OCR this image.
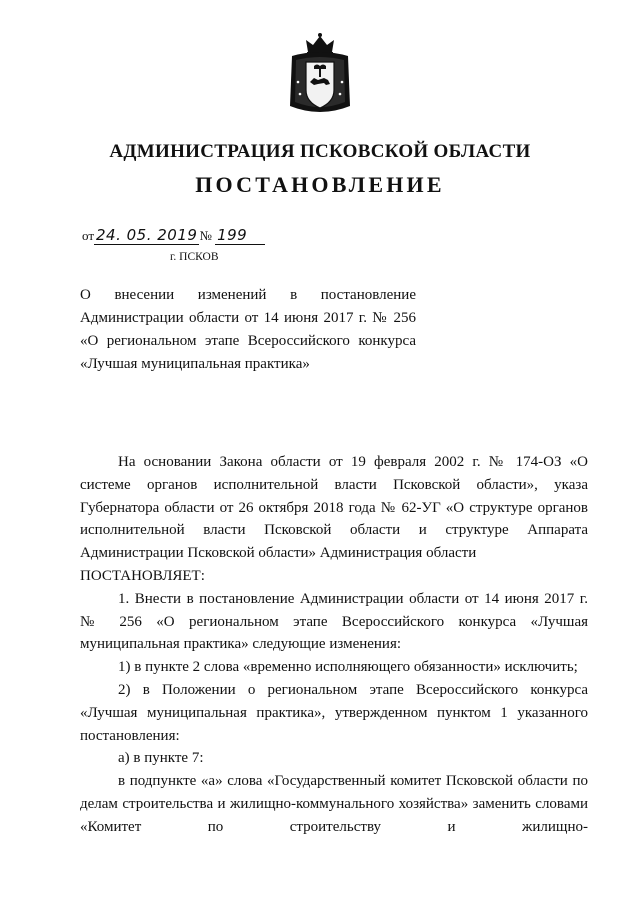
АДМИНИСТРАЦИЯ ПСКОВСКОЙ ОБЛАСТИ
ПОСТАНОВЛЕНИЕ
от 24. 05. 2019 № 199
г. ПСКОВ
О внесении изменений в постановление Администрации области от 14 июня 2017 г. № 256 «О региональном этапе Всероссийского конкурса «Лучшая муниципальная практика»

На основании Закона области от 19 февраля 2002 г. № 174-ОЗ «О системе органов исполнительной власти Псковской области», указа Губернатора области от 26 октября 2018 года № 62-УГ «О структуре органов исполнительной власти Псковской области и структуре Аппарата Администрации Псковской области» Администрация области

ПОСТАНОВЛЯЕТ:

1. Внести в постановление Администрации области от 14 июня 2017 г. № 256 «О региональном этапе Всероссийского конкурса «Лучшая муниципальная практика» следующие изменения:

1) в пункте 2 слова «временно исполняющего обязанности» исключить;

2) в Положении о региональном этапе Всероссийского конкурса «Лучшая муниципальная практика», утвержденном пунктом 1 указанного постановления:

а) в пункте 7:

в подпункте «а» слова «Государственный комитет Псковской области по делам строительства и жилищно-коммунального хозяйства» заменить словами «Комитет по строительству и жилищно-
